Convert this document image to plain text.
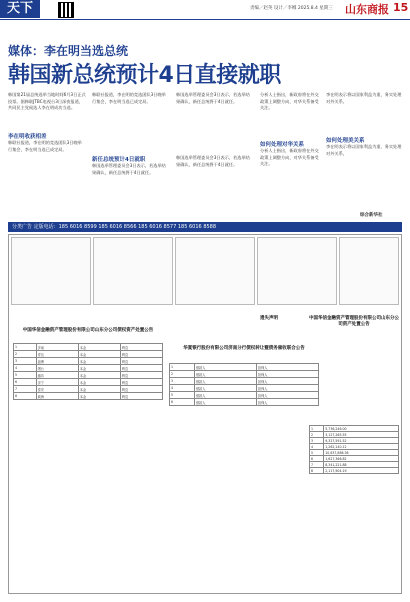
天下	责编／赵英 设计／李娜 2025.8.4 星期三 山东商报 15
媒体：李在明当选总统
韩国新总统预计4日直接就职
韩国第21届总统选举当地时间6月3日正式投票。据韩联JTBC电视台3日深夜报道，共同民主党候选人李在明成功当选。
李在明收获相差
韩联社报道，李在明的竞选团队3日晚举行集会，李在明当选已成定局。
韩联社报道，李在明的竞选团队3日晚举行集会，李在明当选已成定局。
新任总统预计4日就职
韩国选举管理委员会3日表示，若选举结果确认，新任总统将于4日就任。
韩国选举管理委员会3日表示，若选举结果确认，新任总统将于4日就任。
韩国选举管理委员会3日表示，若选举结果确认，新任总统将于4日就任。
分析人士指出，新政府将在外交政策上调整方向，对华关系备受关注。
如何处理对华关系
分析人士指出，新政府将在外交政策上调整方向，对华关系备受关注。
李在明表示将以国家利益为重，务实处理对外关系。
如何处理美关系
李在明表示将以国家利益为重，务实处理对外关系。
综合新华社
分类广告 定版电话：185 6016 8599 185 6016 8566 185 6016 8577 185 6016 8588
中国华信金融资产管理股份有限公司山东分公司债权资产处置公告
1	济南	本金	利息
2	青岛	本金	利息
3	淄博	本金	利息
4	烟台	本金	利息
5	潍坊	本金	利息
6	济宁	本金	利息
7	泰安	本金	利息
8	威海	本金	利息
华夏银行股份有限公司济南分行债权转让暨债务催收联合公告
1	借款人	担保人
2	借款人	担保人
3	借款人	担保人
4	借款人	担保人
5	借款人	担保人
6	借款人	担保人
中国华信金融资产管理股份有限公司山东分公司资产处置公告
1	5,736,246.00
2	3,127,265.55
3	9,327,591.52
4	1,262,140.12
5	10,637,886.36
6	1,627,366.82
7	8,341,221.88
8	2,117,904.19
遗失声明
